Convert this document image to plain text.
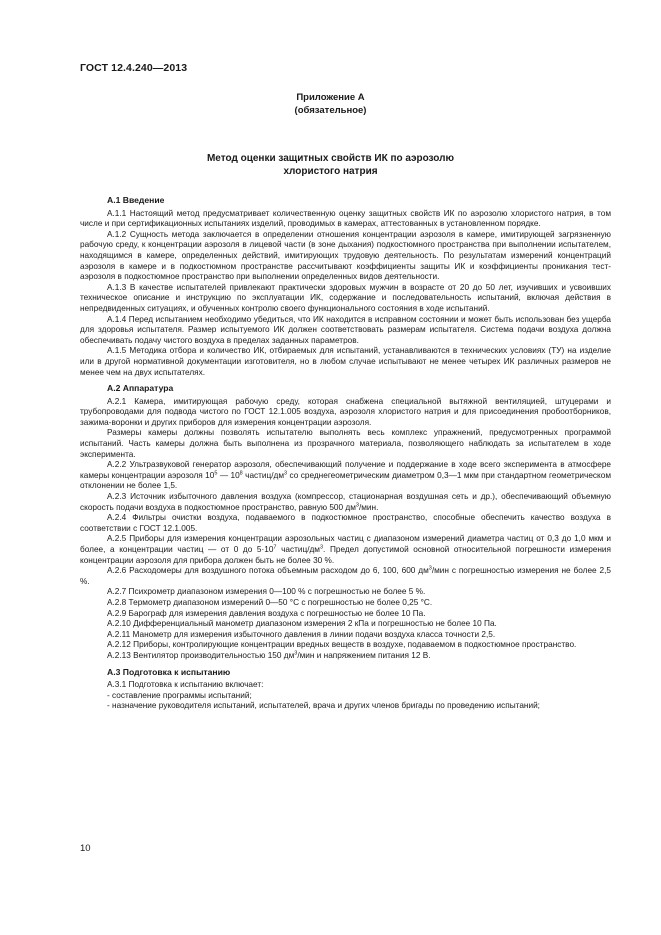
ГОСТ 12.4.240—2013
Приложение А
(обязательное)
Метод оценки защитных свойств ИК по аэрозолю
хлористого натрия
А.1 Введение

А.1.1 Настоящий метод предусматривает количественную оценку защитных свойств ИК по аэрозолю хлористого натрия, в том числе и при сертификационных испытаниях изделий, проводимых в камерах, аттестованных в установленном порядке.

А.1.2 Сущность метода заключается в определении отношения концентрации аэрозоля в камере, имитирующей загрязненную рабочую среду, к концентрации аэрозоля в лицевой части (в зоне дыхания) подкостюмного пространства при выполнении испытателем, находящимся в камере, определенных действий, имитирующих трудовую деятельность. По результатам измерений концентраций аэрозоля в камере и в подкостюмном пространстве рассчитывают коэффициенты защиты ИК и коэффициенты проникания тест-аэрозоля в подкостюмное пространство при выполнении определенных видов деятельности.

А.1.3 В качестве испытателей привлекают практически здоровых мужчин в возрасте от 20 до 50 лет, изучивших и усвоивших техническое описание и инструкцию по эксплуатации ИК, содержание и последовательность испытаний, включая действия в непредвиденных ситуациях, и обученных контролю своего функционального состояния в ходе испытаний.

А.1.4 Перед испытанием необходимо убедиться, что ИК находится в исправном состоянии и может быть использован без ущерба для здоровья испытателя. Размер испытуемого ИК должен соответствовать размерам испытателя. Система подачи воздуха должна обеспечивать подачу чистого воздуха в пределах заданных параметров.

А.1.5 Методика отбора и количество ИК, отбираемых для испытаний, устанавливаются в технических условиях (ТУ) на изделие или в другой нормативной документации изготовителя, но в любом случае испытывают не менее четырех ИК различных размеров не менее чем на двух испытателях.

А.2 Аппаратура

А.2.1 Камера, имитирующая рабочую среду, которая снабжена специальной вытяжной вентиляцией, штуцерами и трубопроводами для подвода чистого по ГОСТ 12.1.005 воздуха, аэрозоля хлористого натрия и для присоединения пробоотборников, зажима-воронки и других приборов для измерения концентрации аэрозоля.

Размеры камеры должны позволять испытателю выполнять весь комплекс упражнений, предусмотренных программой испытаний. Часть камеры должна быть выполнена из прозрачного материала, позволяющего наблюдать за испытателем в ходе эксперимента.

А.2.2 Ультразвуковой генератор аэрозоля, обеспечивающий получение и поддержание в ходе всего эксперимента в атмосфере камеры концентрации аэрозоля $10^5$ — $10^8$ частиц/$дм^3$ со среднегеометрическим диаметром 0,3—1 мкм при стандартном геометрическом отклонении не более 1,5.

А.2.3 Источник избыточного давления воздуха (компрессор, стационарная воздушная сеть и др.), обеспечивающий объемную скорость подачи воздуха в подкостюмное пространство, равную 500 $дм^3$/мин.

А.2.4 Фильтры очистки воздуха, подаваемого в подкостюмное пространство, способные обеспечить качество воздуха в соответствии с ГОСТ 12.1.005.

А.2.5 Приборы для измерения концентрации аэрозольных частиц с диапазоном измерений диаметра частиц от 0,3 до 1,0 мкм и более, а концентрации частиц — от 0 до $5\cdot 10^7$ частиц/$дм^3$. Предел допустимой основной относительной погрешности измерения концентрации аэрозоля для прибора должен быть не более 30 %.

А.2.6 Расходомеры для воздушного потока объемным расходом до 6, 100, 600 $дм^3$/мин с погрешностью измерения не более 2,5 %.

А.2.7 Психрометр диапазоном измерения 0—100 % с погрешностью не более 5 %.

А.2.8 Термометр диапазоном измерений 0—50 °С с погрешностью не более 0,25 °С.

А.2.9 Барограф для измерения давления воздуха с погрешностью не более 10 Па.

А.2.10 Дифференциальный манометр диапазоном измерения 2 кПа и погрешностью не более 10 Па.

А.2.11 Манометр для измерения избыточного давления в линии подачи воздуха класса точности 2,5.

А.2.12 Приборы, контролирующие концентрации вредных веществ в воздухе, подаваемом в подкостюмное пространство.

А.2.13 Вентилятор производительностью 150 $дм^3$/мин и напряжением питания 12 В.

А.3 Подготовка к испытанию

А.3.1 Подготовка к испытанию включает:

- составление программы испытаний;

- назначение руководителя испытаний, испытателей, врача и других членов бригады по проведению испытаний;

10
